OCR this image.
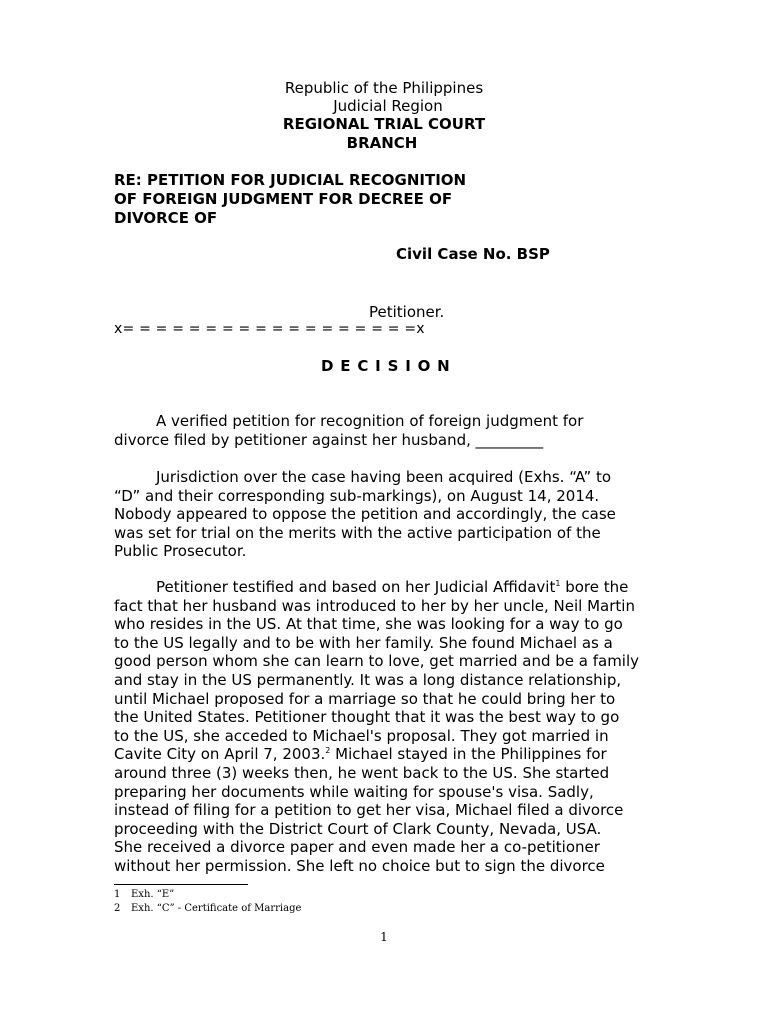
Republic of the Philippines
Judicial Region
REGIONAL TRIAL COURT
BRANCH
RE: PETITION FOR JUDICIAL RECOGNITION
OF FOREIGN JUDGMENT FOR DECREE OF
DIVORCE OF
Civil Case No. BSP
Petitioner.
x= = = = = = = = = = = = = = = = = =x
D E C I S I O N
A verified petition for recognition of foreign judgment for
divorce filed by petitioner against her husband, _________
Jurisdiction over the case having been acquired (Exhs. “A” to
“D” and their corresponding sub-markings), on August 14, 2014.
Nobody appeared to oppose the petition and accordingly, the case
was set for trial on the merits with the active participation of the
Public Prosecutor.
Petitioner testified and based on her Judicial Affidavit$^1$ bore the
fact that her husband was introduced to her by her uncle, Neil Martin
who resides in the US. At that time, she was looking for a way to go
to the US legally and to be with her family. She found Michael as a
good person whom she can learn to love, get married and be a family
and stay in the US permanently. It was a long distance relationship,
until Michael proposed for a marriage so that he could bring her to
the United States. Petitioner thought that it was the best way to go
to the US, she acceded to Michael's proposal. They got married in
Cavite City on April 7, 2003.$^2$ Michael stayed in the Philippines for
around three (3) weeks then, he went back to the US. She started
preparing her documents while waiting for spouse's visa. Sadly,
instead of filing for a petition to get her visa, Michael filed a divorce
proceeding with the District Court of Clark County, Nevada, USA.
She received a divorce paper and even made her a co-petitioner
without her permission. She left no choice but to sign the divorce
1 Exh. “E”
2 Exh. “C” - Certificate of Marriage
1
